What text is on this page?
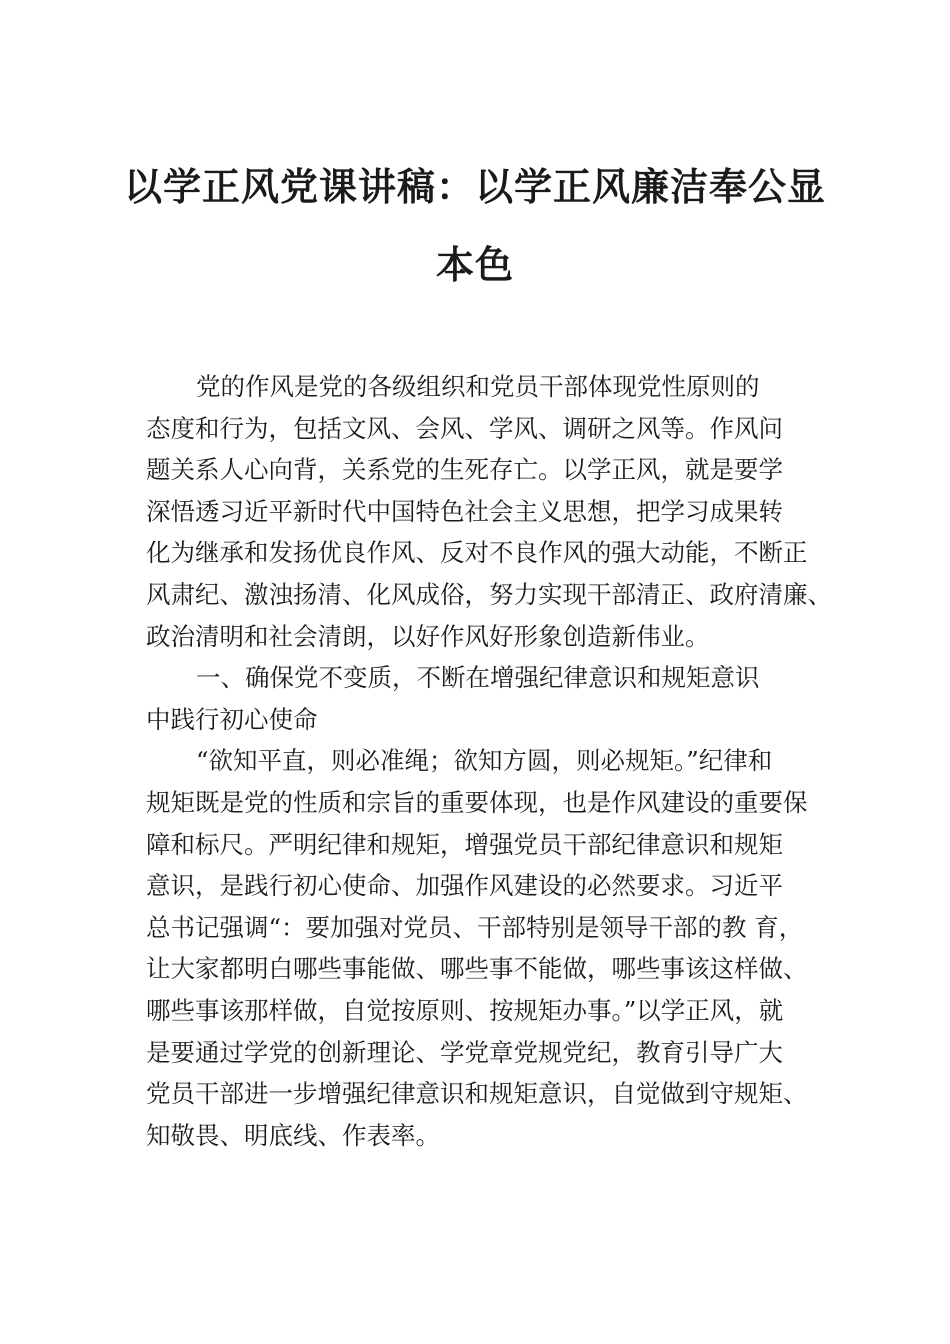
以学正风党课讲稿：以学正风廉洁奉公显
本色
党的作风是党的各级组织和党员干部体现党性原则的
态度和行为，包括文风、会风、学风、调研之风等。作风问
题关系人心向背，关系党的生死存亡。以学正风，就是要学
深悟透习近平新时代中国特色社会主义思想，把学习成果转
化为继承和发扬优良作风、反对不良作风的强大动能，不断正
风肃纪、激浊扬清、化风成俗，努力实现干部清正、政府清廉、
政治清明和社会清朗，以好作风好形象创造新伟业。
一、确保党不变质，不断在增强纪律意识和规矩意识
中践行初心使命
“欲知平直，则必准绳；欲知方圆，则必规矩。”纪律和
规矩既是党的性质和宗旨的重要体现，也是作风建设的重要保
障和标尺。严明纪律和规矩，增强党员干部纪律意识和规矩
意识，是践行初心使命、加强作风建设的必然要求。习近平
总书记强调“：要加强对党员、干部特别是领导干部的教 育，
让大家都明白哪些事能做、哪些事不能做，哪些事该这样做、
哪些事该那样做，自觉按原则、按规矩办事。”以学正风，就
是要通过学党的创新理论、学党章党规党纪，教育引导广大
党员干部进一步增强纪律意识和规矩意识，自觉做到守规矩、
知敬畏、明底线、作表率。
